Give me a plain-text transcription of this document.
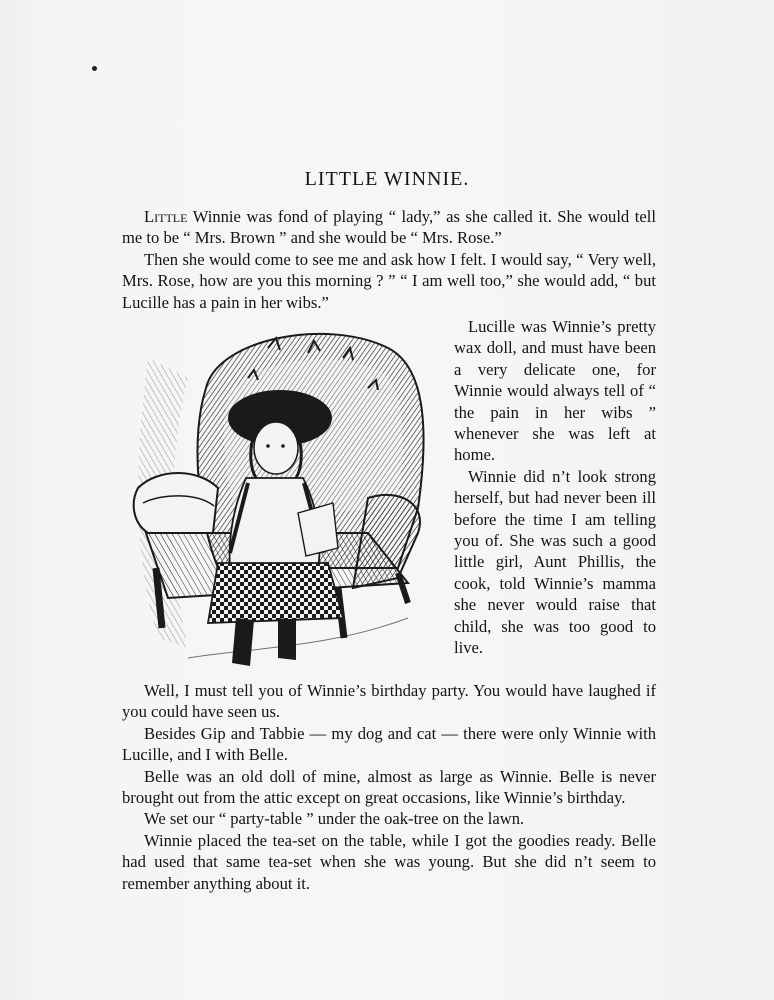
LITTLE WINNIE.

Little Winnie was fond of playing “ lady,” as she called it. She would tell me to be “ Mrs. Brown ” and she would be “ Mrs. Rose.”

Then she would come to see me and ask how I felt. I would say, “ Very well, Mrs. Rose, how are you this morning ? ” “ I am well too,” she would add, “ but Lucille has a pain in her wibs.”

Lucille was Winnie’s pretty wax doll, and must have been a very delicate one, for Winnie would always tell of “ the pain in her wibs ” whenever she was left at home.

Winnie did n’t look strong herself, but had never been ill before the time I am telling you of. She was such a good little girl, Aunt Phillis, the cook, told Winnie’s mamma she never would raise that child, she was too good to live.

Well, I must tell you of Winnie’s birthday party. You would have laughed if you could have seen us.

Besides Gip and Tabbie — my dog and cat — there were only Winnie with Lucille, and I with Belle.

Belle was an old doll of mine, almost as large as Winnie. Belle is never brought out from the attic except on great occasions, like Winnie’s birthday.

We set our “ party-table ” under the oak-tree on the lawn.

Winnie placed the tea-set on the table, while I got the goodies ready. Belle had used that same tea-set when she was young. But she did n’t seem to remember anything about it.
